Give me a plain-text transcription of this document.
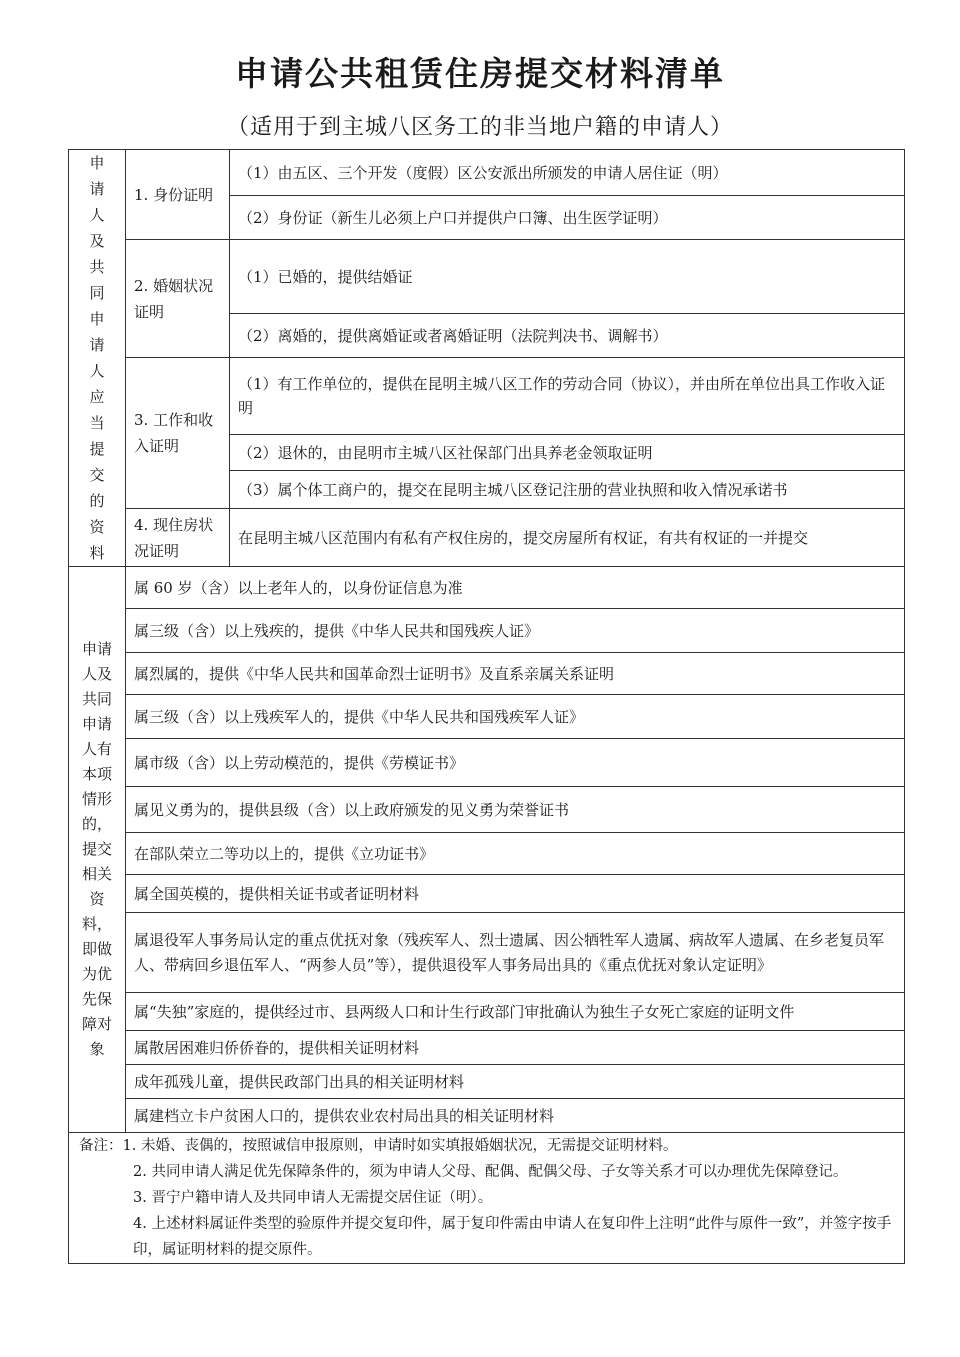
申请公共租赁住房提交材料清单
（适用于到主城八区务工的非当地户籍的申请人）
申请人及共同申请人应当提交的资料	1. 身份证明	（1）由五区、三个开发（度假）区公安派出所颁发的申请人居住证（明）
		（2）身份证（新生儿必须上户口并提供户口簿、出生医学证明）
	2. 婚姻状况证明	（1）已婚的，提供结婚证
		（2）离婚的，提供离婚证或者离婚证明（法院判决书、调解书）
	3. 工作和收入证明	（1）有工作单位的，提供在昆明主城八区工作的劳动合同（协议），并由所在单位出具工作收入证明
		（2）退休的，由昆明市主城八区社保部门出具养老金领取证明
		（3）属个体工商户的，提交在昆明主城八区登记注册的营业执照和收入情况承诺书
	4. 现住房状况证明	在昆明主城八区范围内有私有产权住房的，提交房屋所有权证，有共有权证的一并提交

申请人及共同申请人有本项情形的，提交相关资料，即做为优先保障对象	属 60 岁（含）以上老年人的，以身份证信息为准	
	属三级（含）以上残疾的，提供《中华人民共和国残疾人证》	
	属烈属的，提供《中华人民共和国革命烈士证明书》及直系亲属关系证明	
	属三级（含）以上残疾军人的，提供《中华人民共和国残疾军人证》	
	属市级（含）以上劳动模范的，提供《劳模证书》	
	属见义勇为的，提供县级（含）以上政府颁发的见义勇为荣誉证书	
	在部队荣立二等功以上的，提供《立功证书》	
	属全国英模的，提供相关证书或者证明材料	
	属退役军人事务局认定的重点优抚对象（残疾军人、烈士遗属、因公牺牲军人遗属、病故军人遗属、在乡老复员军人、带病回乡退伍军人、“两参人员”等），提供退役军人事务局出具的《重点优抚对象认定证明》	
	属“失独”家庭的，提供经过市、县两级人口和计生行政部门审批确认为独生子女死亡家庭的证明文件	
	属散居困难归侨侨眷的，提供相关证明材料	
	成年孤残儿童，提供民政部门出具的相关证明材料	
	属建档立卡户贫困人口的，提供农业农村局出具的相关证明材料	

备注：1. 未婚、丧偶的，按照诚信申报原则，申请时如实填报婚姻状况，无需提交证明材料。
2. 共同申请人满足优先保障条件的，须为申请人父母、配偶、配偶父母、子女等关系才可以办理优先保障登记。
3. 晋宁户籍申请人及共同申请人无需提交居住证（明）。
4. 上述材料属证件类型的验原件并提交复印件，属于复印件需由申请人在复印件上注明“此件与原件一致”，并签字按手印，属证明材料的提交原件。		
